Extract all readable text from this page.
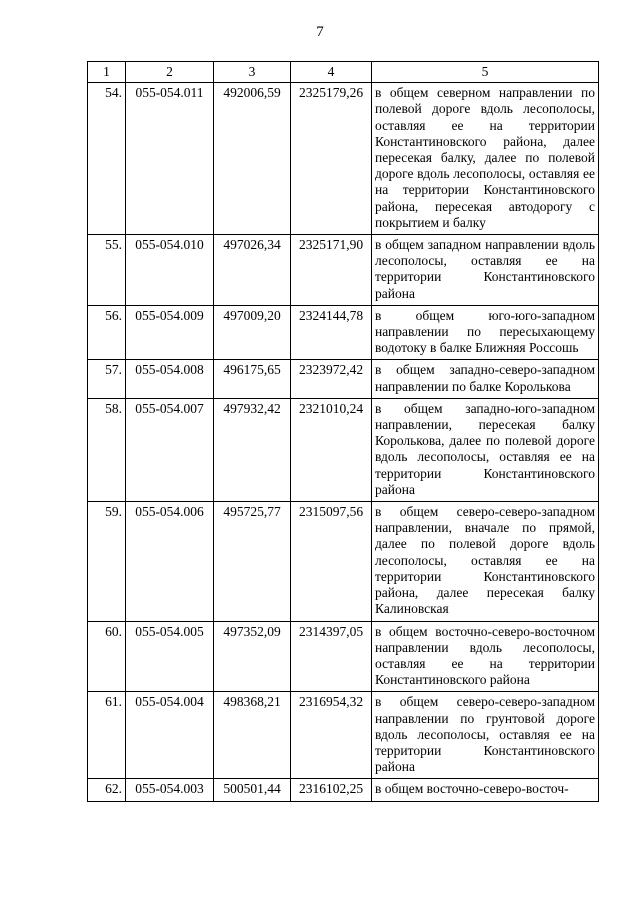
7
1	2	3	4	5
54.	055-054.011	492006,59	2325179,26	в общем северном направлении по полевой дороге вдоль лесополосы, оставляя ее на территории Константиновского района, далее пересекая балку, далее по полевой дороге вдоль лесополосы, оставляя ее на территории Константиновского района, пересекая автодорогу с покрытием и балку
55.	055-054.010	497026,34	2325171,90	в общем западном направлении вдоль лесополосы, оставляя ее на территории Константиновского района
56.	055-054.009	497009,20	2324144,78	в общем юго-юго-западном направлении по пересыхающему водотоку в балке Ближняя Россошь
57.	055-054.008	496175,65	2323972,42	в общем западно-северо-западном направлении по балке Королькова
58.	055-054.007	497932,42	2321010,24	в общем западно-юго-западном направлении, пересекая балку Королькова, далее по полевой дороге вдоль лесополосы, оставляя ее на территории Константиновского района
59.	055-054.006	495725,77	2315097,56	в общем северо-северо-западном направлении, вначале по прямой, далее по полевой дороге вдоль лесополосы, оставляя ее на территории Константиновского района, далее пересекая балку Калиновская
60.	055-054.005	497352,09	2314397,05	в общем восточно-северо-восточном направлении вдоль лесополосы, оставляя ее на территории Константиновского района
61.	055-054.004	498368,21	2316954,32	в общем северо-северо-западном направлении по грунтовой дороге вдоль лесополосы, оставляя ее на территории Константиновского района
62.	055-054.003	500501,44	2316102,25	в общем восточно-северо-восточ-
